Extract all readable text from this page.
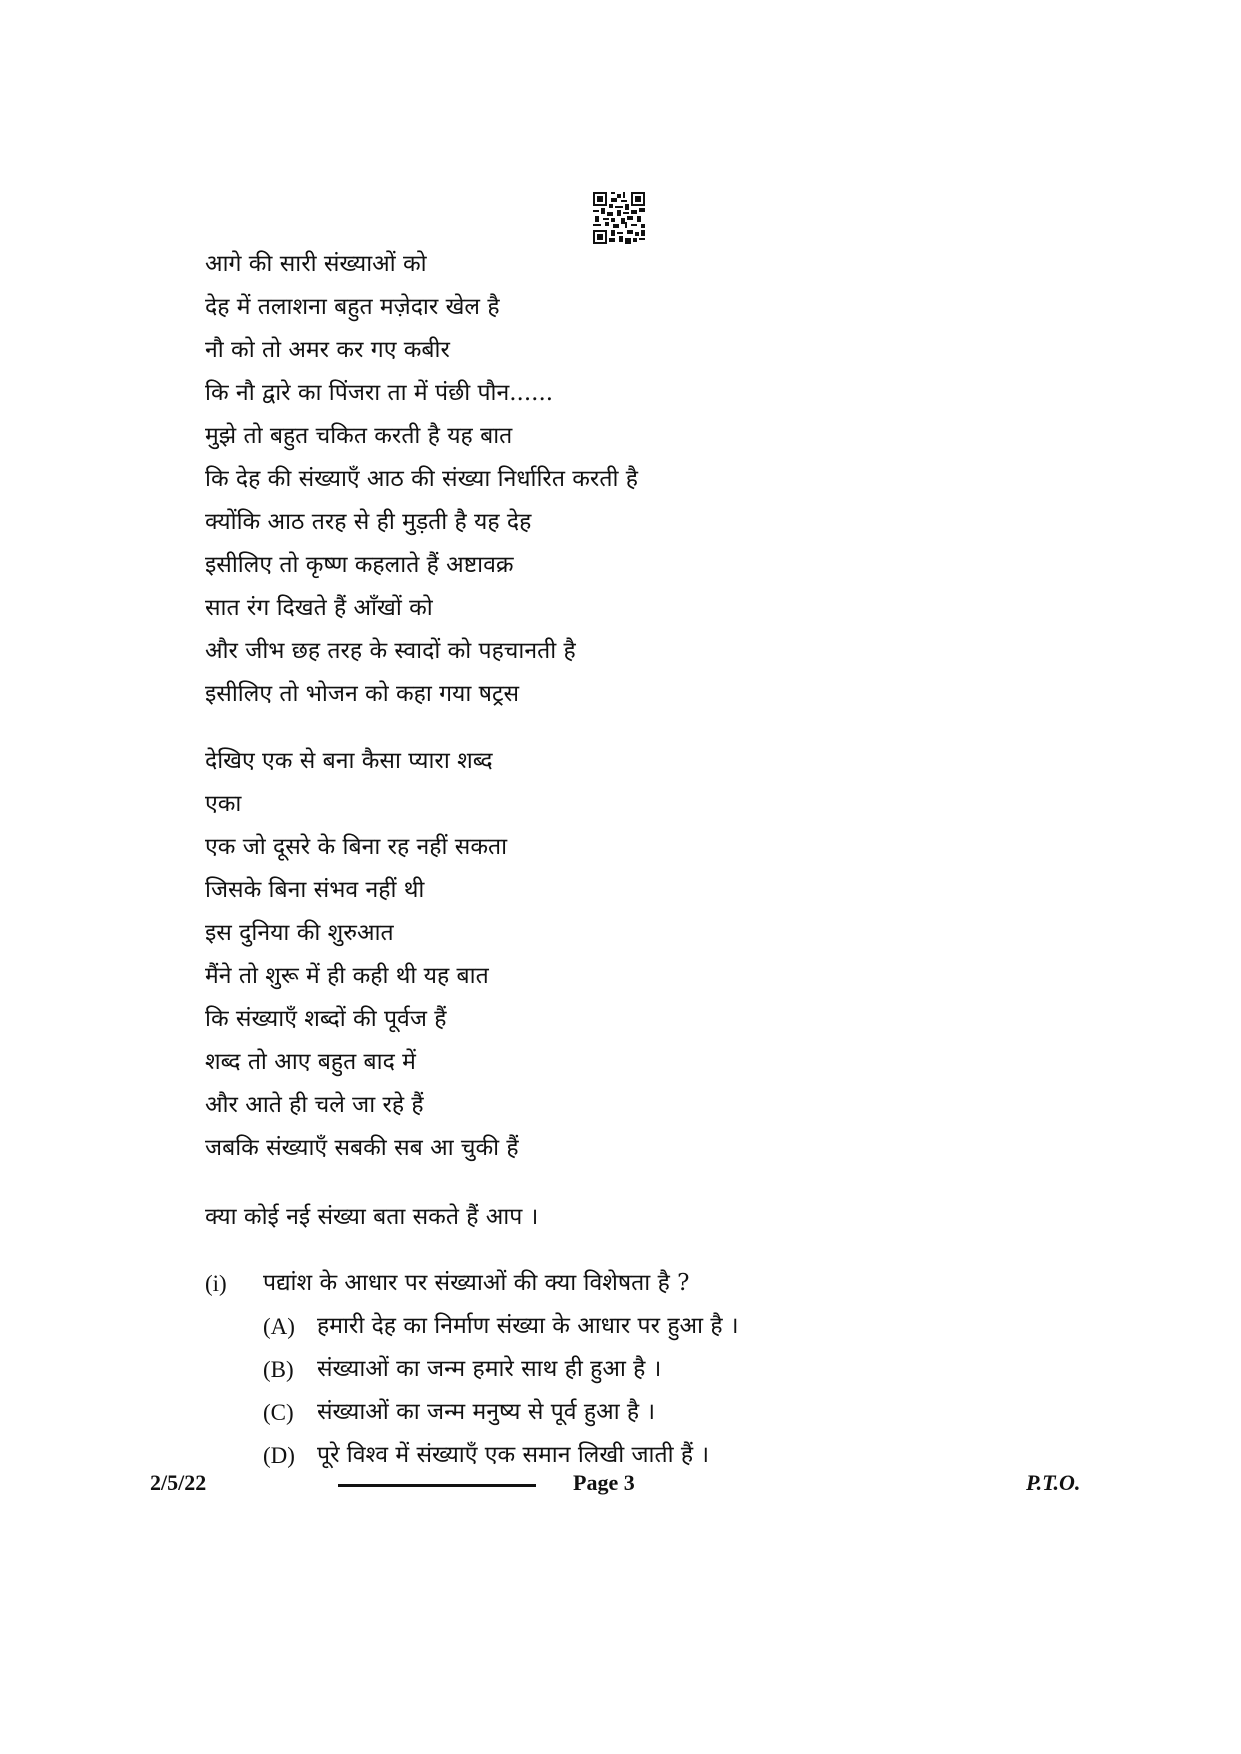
आगे की सारी संख्याओं को
देह में तलाशना बहुत मज़ेदार खेल है
नौ को तो अमर कर गए कबीर
कि नौ द्वारे का पिंजरा ता में पंछी पौन......
मुझे तो बहुत चकित करती है यह बात
कि देह की संख्याएँ आठ की संख्या निर्धारित करती है
क्योंकि आठ तरह से ही मुड़ती है यह देह
इसीलिए तो कृष्ण कहलाते हैं अष्टावक्र
सात रंग दिखते हैं आँखों को
और जीभ छह तरह के स्वादों को पहचानती है
इसीलिए तो भोजन को कहा गया षट्रस
देखिए एक से बना कैसा प्यारा शब्द
एका
एक जो दूसरे के बिना रह नहीं सकता
जिसके बिना संभव नहीं थी
इस दुनिया की शुरुआत
मैंने तो शुरू में ही कही थी यह बात
कि संख्याएँ शब्दों की पूर्वज हैं
शब्द तो आए बहुत बाद में
और आते ही चले जा रहे हैं
जबकि संख्याएँ सबकी सब आ चुकी हैं
क्या कोई नई संख्या बता सकते हैं आप ।
(i)	पद्यांश के आधार पर संख्याओं की क्या विशेषता है ?
(A) हमारी देह का निर्माण संख्या के आधार पर हुआ है ।
(B)	संख्याओं का जन्म हमारे साथ ही हुआ है ।
(C)	संख्याओं का जन्म मनुष्य से पूर्व हुआ है ।
(D) पूरे विश्व में संख्याएँ एक समान लिखी जाती हैं ।
2/5/22	Page 3	P.T.O.
